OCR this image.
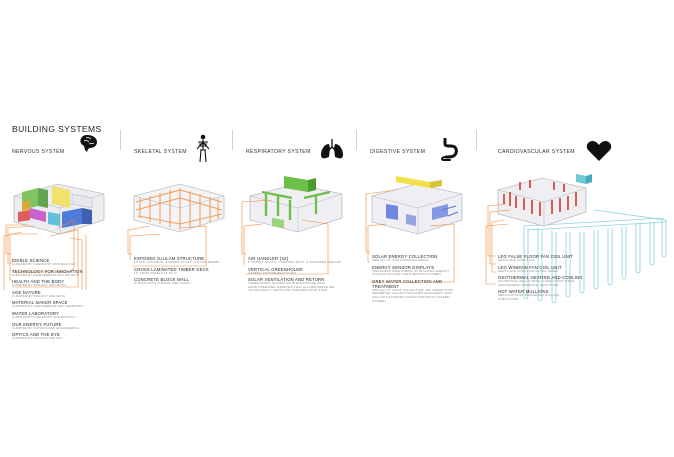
BUILDING SYSTEMS
NERVOUS SYSTEM
EDIBLE SCIENCE
CURATED BY CHEMISTRY AND BIOLOGY
TECHNOLOGY FOR INNOVATION
CURATED BY ENGINEERING AND PHYSICS
HEALTH AND THE BODY
CURATED BY BIOLOGY AND MATH
AGE NATURE
CURATED BY BIOLOGY AND MATH
MATERIAL MAKER SPACE
CURATED BY ENGINEERING AND CHEMISTRY
WATER LABORATORY
CURATED BY CHEMISTRY AND BIOLOGY
OUR ENERGY FUTURE
CURATED BY PHYSICS AND ENGINEERING
OPTICS AND THE EYE
CURATED BY PHYSICS AND ART
SKELETAL SYSTEM
EXPOSED GLULAM STRUCTURE
12"X16" COLUMNS, GIRDERS 12"X24", 9.5"X24" BEAMS
CROSS LAMINATED TIMBER DECK
10" THICK PANELS AT 10'-0"
CONCRETE BLOCK WALL
8" BACK WITH 4" ROAD TIRE FINISH
RESPIRATORY SYSTEM
AIR HANDLER (X2)
8' SUPPLY DUCTS, 7' RETURN DUCT, 9 TRANSFER GRILLES
VERTICAL GREENHOUSE
CARBON DIOXIDE RECYCLING
SOLAR VENTILATION AND RETURN
THREE STORY GLAZED STAIR ENCLOSURE WITH HAND-OPERATED WINDOWS THAT ALLOWS FRESH AIR TO NATURALLY VENTILATE TOWARDS WIND STAIR
DIGESTIVE SYSTEM
SOLAR ENERGY COLLECTION
4000 SQ. FT. PHOTOVOLTAIC ARRAY
ENERGY SENSOR DISPLAYS
VISUALIZED MONITORING OF BUILDING ENERGY COLLECTION AND CONSUMPTION IN LOBBY
GREY WATER COLLECTION AND TREATMENT
4000 SQ. FT. ROOF COLLECTION, 400 LINEAR FOOT PERIMETER COLLECTION FROM ACID DRAIN, 6000 GALLON FILTRATION SCULPTURE WITH CISTERN GARDEN
CARDIOVASCULAR SYSTEM
LEG FALSE FLOOR FAN COIL UNIT
HEATS AND COOLS AIR
LEG WINDOW FAN COIL UNIT
HEATS AND COOLS AIR ALONG PANEL
GEOTHERMAL HEATING AND COOLING
29 VERTICAL WELLS WITH CLOSED-LOOP PIPES; GEOTHERMAL MANIFOLD, HEAT PUMP
HOT WATER MULLIONS
HEAT AND COOL PERIMETER MULLION STRUCTURE
